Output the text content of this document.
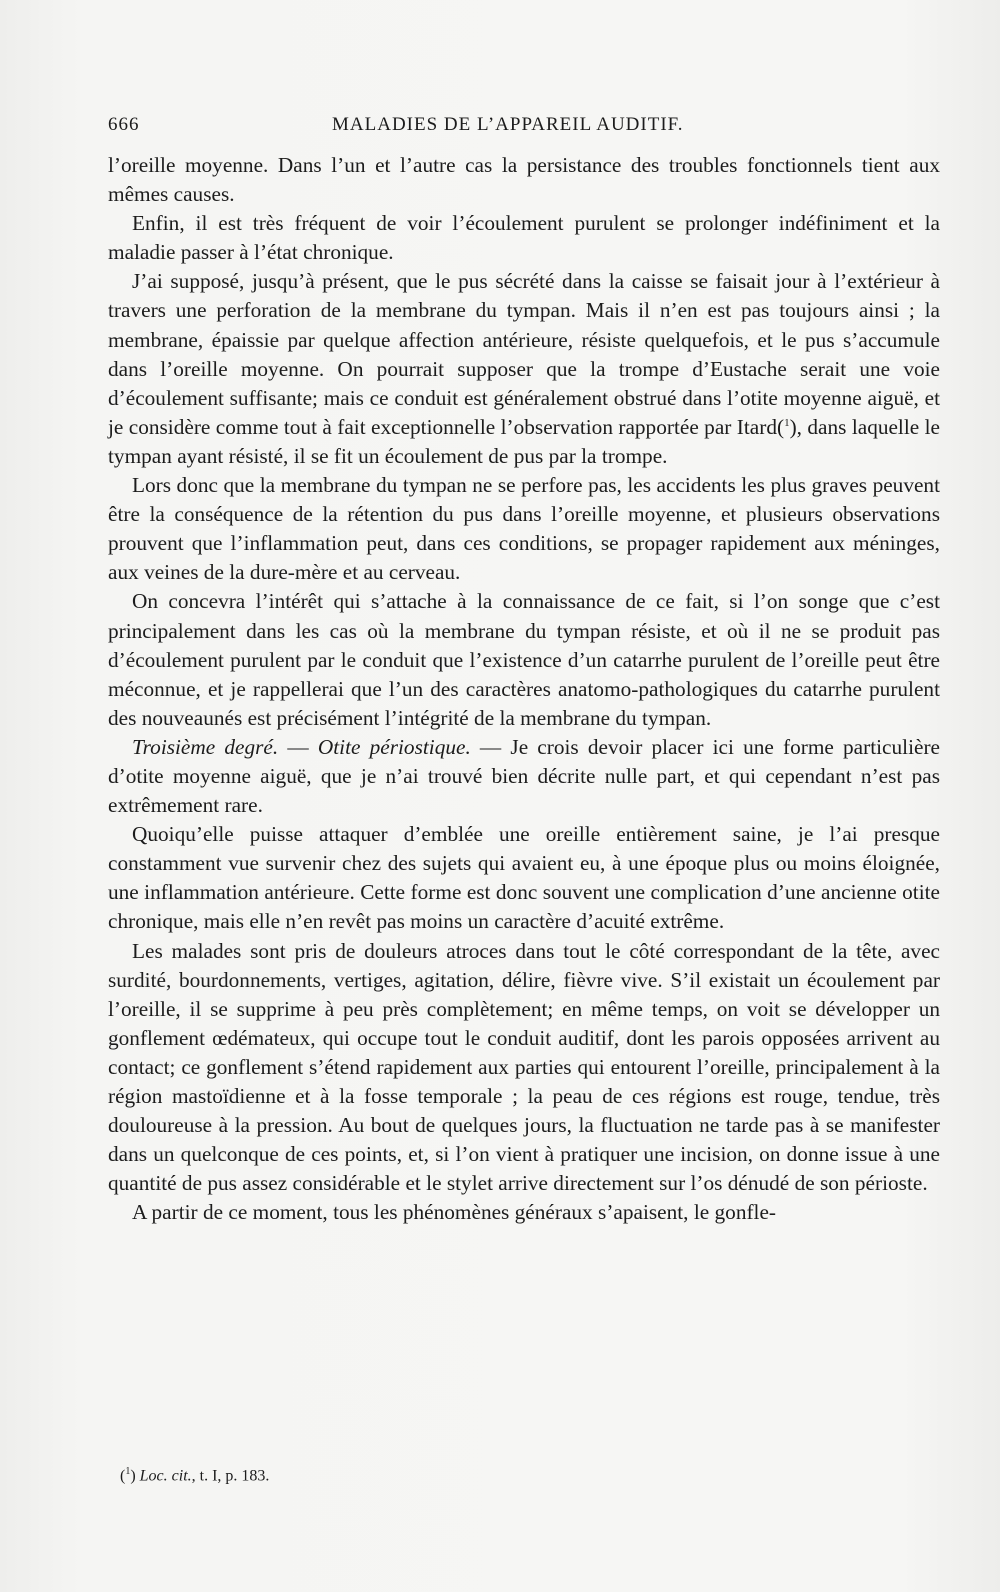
666	MALADIES DE L’APPAREIL AUDITIF.

l’oreille moyenne. Dans l’un et l’autre cas la persistance des troubles fonctionnels tient aux mêmes causes.

Enfin, il est très fréquent de voir l’écoulement purulent se prolonger indéfiniment et la maladie passer à l’état chronique.

J’ai supposé, jusqu’à présent, que le pus sécrété dans la caisse se faisait jour à l’extérieur à travers une perforation de la membrane du tympan. Mais il n’en est pas toujours ainsi ; la membrane, épaissie par quelque affection antérieure, résiste quelquefois, et le pus s’accumule dans l’oreille moyenne. On pourrait supposer que la trompe d’Eustache serait une voie d’écoulement suffisante; mais ce conduit est généralement obstrué dans l’otite moyenne aiguë, et je considère comme tout à fait exceptionnelle l’observation rapportée par Itard($^1$), dans laquelle le tympan ayant résisté, il se fit un écoulement de pus par la trompe.

Lors donc que la membrane du tympan ne se perfore pas, les accidents les plus graves peuvent être la conséquence de la rétention du pus dans l’oreille moyenne, et plusieurs observations prouvent que l’inflammation peut, dans ces conditions, se propager rapidement aux méninges, aux veines de la dure-mère et au cerveau.

On concevra l’intérêt qui s’attache à la connaissance de ce fait, si l’on songe que c’est principalement dans les cas où la membrane du tympan résiste, et où il ne se produit pas d’écoulement purulent par le conduit que l’existence d’un catarrhe purulent de l’oreille peut être méconnue, et je rappellerai que l’un des caractères anatomo-pathologiques du catarrhe purulent des nouveaunés est précisément l’intégrité de la membrane du tympan.

Troisième degré. — Otite périostique. — Je crois devoir placer ici une forme particulière d’otite moyenne aiguë, que je n’ai trouvé bien décrite nulle part, et qui cependant n’est pas extrêmement rare.

Quoiqu’elle puisse attaquer d’emblée une oreille entièrement saine, je l’ai presque constamment vue survenir chez des sujets qui avaient eu, à une époque plus ou moins éloignée, une inflammation antérieure. Cette forme est donc souvent une complication d’une ancienne otite chronique, mais elle n’en revêt pas moins un caractère d’acuité extrême.

Les malades sont pris de douleurs atroces dans tout le côté correspondant de la tête, avec surdité, bourdonnements, vertiges, agitation, délire, fièvre vive. S’il existait un écoulement par l’oreille, il se supprime à peu près complètement; en même temps, on voit se développer un gonflement œdémateux, qui occupe tout le conduit auditif, dont les parois opposées arrivent au contact; ce gonflement s’étend rapidement aux parties qui entourent l’oreille, principalement à la région mastoïdienne et à la fosse temporale ; la peau de ces régions est rouge, tendue, très douloureuse à la pression. Au bout de quelques jours, la fluctuation ne tarde pas à se manifester dans un quelconque de ces points, et, si l’on vient à pratiquer une incision, on donne issue à une quantité de pus assez considérable et le stylet arrive directement sur l’os dénudé de son périoste.

A partir de ce moment, tous les phénomènes généraux s’apaisent, le gonfle-

($^1$) Loc. cit., t. I, p. 183.
